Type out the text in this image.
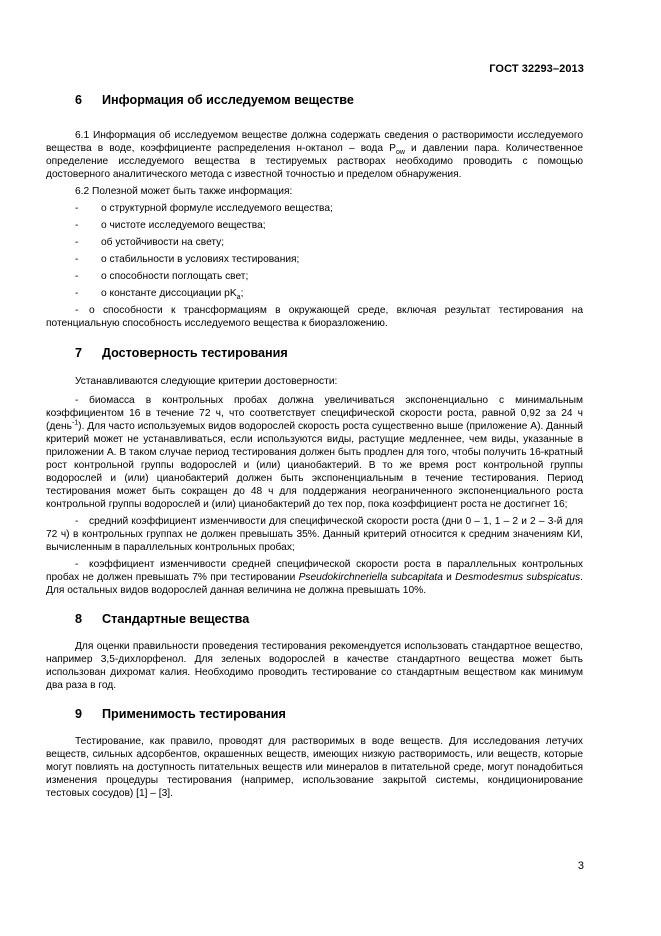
ГОСТ 32293–2013
6 Информация об исследуемом веществе

6.1 Информация об исследуемом веществе должна содержать сведения о растворимости исследуемого вещества в воде, коэффициенте распределения н-октанол – вода $P_{ow}$ и давлении пара. Количественное определение исследуемого вещества в тестируемых растворах необходимо проводить с помощью достоверного аналитического метода с известной точностью и пределом обнаружения.

6.2 Полезной может быть также информация:

- о структурной формуле исследуемого вещества;
- о чистоте исследуемого вещества;
- об устойчивости на свету;
- о стабильности в условиях тестирования;
- о способности поглощать свет;
- о константе диссоциации $pK_a$;

- о способности к трансформациям в окружающей среде, включая результат тестирования на потенциальную способность исследуемого вещества к биоразложению.

7 Достоверность тестирования

Устанавливаются следующие критерии достоверности:

- биомасса в контрольных пробах должна увеличиваться экспоненциально с минимальным коэффициентом 16 в течение 72 ч, что соответствует специфической скорости роста, равной 0,92 за 24 ч (день$^{-1}$). Для часто используемых видов водорослей скорость роста существенно выше (приложение А). Данный критерий может не устанавливаться, если используются виды, растущие медленнее, чем виды, указанные в приложении А. В таком случае период тестирования должен быть продлен для того, чтобы получить 16-кратный рост контрольной группы водорослей и (или) цианобактерий. В то же время рост контрольной группы водорослей и (или) цианобактерий должен быть экспоненциальным в течение тестирования. Период тестирования может быть сокращен до 48 ч для поддержания неограниченного экспоненциального роста контрольной группы водорослей и (или) цианобактерий до тех пор, пока коэффициент роста не достигнет 16;

- средний коэффициент изменчивости для специфической скорости роста (дни 0 – 1, 1 – 2 и 2 – 3-й для 72 ч) в контрольных группах не должен превышать 35%. Данный критерий относится к средним значениям КИ, вычисленным в параллельных контрольных пробах;

- коэффициент изменчивости средней специфической скорости роста в параллельных контрольных пробах не должен превышать 7% при тестировании Pseudokirchneriella subcapitata и Desmodesmus subspicatus. Для остальных видов водорослей данная величина не должна превышать 10%.

8 Стандартные вещества

Для оценки правильности проведения тестирования рекомендуется использовать стандартное вещество, например 3,5-дихлорфенол. Для зеленых водорослей в качестве стандартного вещества может быть использован дихромат калия. Необходимо проводить тестирование со стандартным веществом как минимум два раза в год.

9 Применимость тестирования

Тестирование, как правило, проводят для растворимых в воде веществ. Для исследования летучих веществ, сильных адсорбентов, окрашенных веществ, имеющих низкую растворимость, или веществ, которые могут повлиять на доступность питательных веществ или минералов в питательной среде, могут понадобиться изменения процедуры тестирования (например, использование закрытой системы, кондиционирование тестовых сосудов) [1] – [3].

3
